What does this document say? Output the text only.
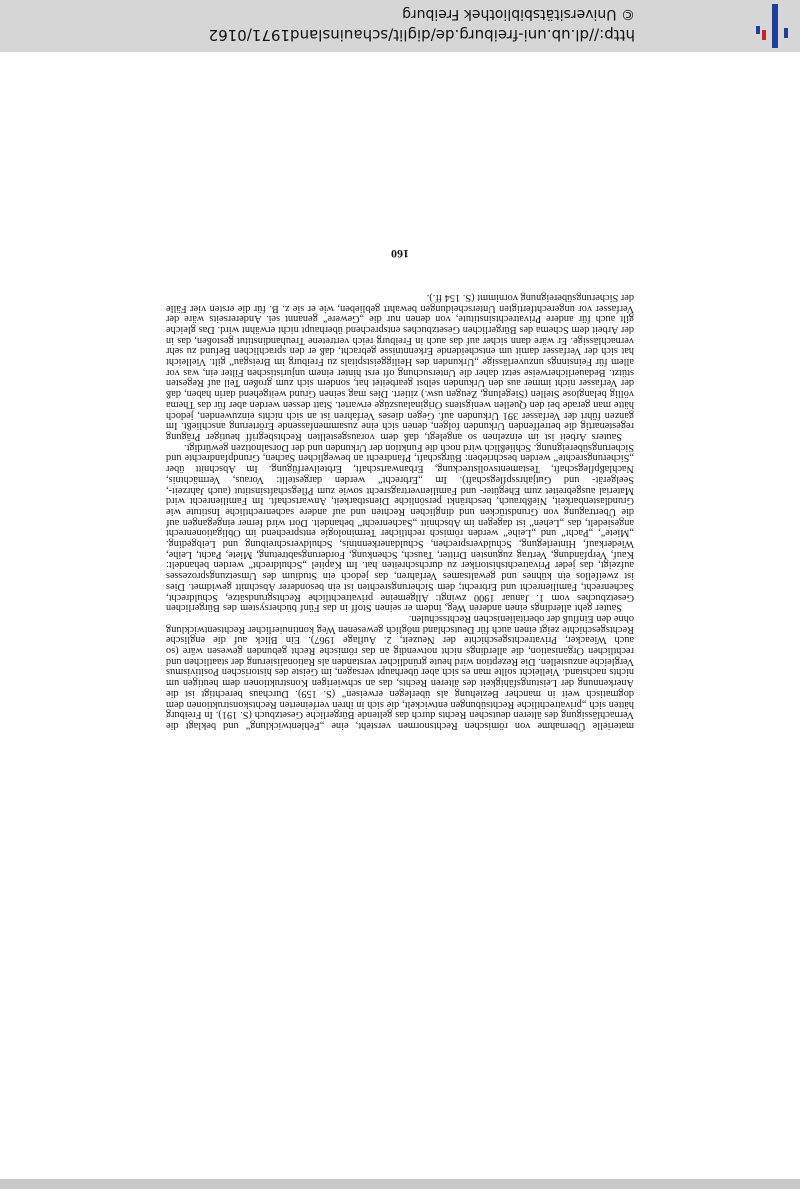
materielle Übernahme von römischen Rechtsnormen versteht, eine „Fehlentwicklung“ und beklagt die Vernachlässigung des älteren deutschen Rechts durch das geltende Bürgerliche Gesetzbuch (S. 191). In Freiburg hätten sich „privatrechtliche Rechtsübungen entwickelt, die sich in ihren verfeinerten Rechtskonstruktionen dem dogmatisch weit in mancher Beziehung als überlegen erweisen“ (S. 159). Durchaus berechtigt ist die Anerkennung der Leistungsfähigkeit des älteren Rechts, das an schwierigen Konstruktionen dem heutigen um nichts nachstand. Vielleicht sollte man es sich aber überhaupt versagen, im Geiste des historischen Positivismus Vergleiche anzustellen. Die Rezeption wird heute gründlicher verstanden als Rationalisierung der staatlichen und rechtlichen Organisation, die allerdings nicht notwendig an das römische Recht gebunden gewesen wäre (so auch Wieacker, Privatrechtsgeschichte der Neuzeit, 2. Auflage 1967). Ein Blick auf die englische Rechtsgeschichte zeigt einen auch für Deutschland möglich gewesenen Weg kontinuierlicher Rechtsentwicklung ohne den Einfluß der oberitalienischen Rechtsschulen.

Sauter geht allerdings einen anderen Weg, indem er seinen Stoff in das Fünf büchersystem des Bürgerlichen Gesetzbuches vom 1. Januar 1900 zwingt: Allgemeine privatrechtliche Rechtsgrundsätze, Schuldrecht, Sachenrecht, Familienrecht und Erbrecht; dem Sicherungsrechten ist ein besonderer Abschnitt gewidmet. Dies ist zweifellos ein kühnes und gewaltsames Verfahren, das jedoch ein Studium des Umsetzungsprozesses aufzeigt, das jeder Privatrechtshistoriker zu durchschreiten hat. Im Kapitel „Schuldrecht“ werden behandelt: Kauf, Verpfändung, Vertrag zugunsten Dritter, Tausch, Schenkung, Forderungsabtretung, Miete, Pacht, Leihe, Wiederkauf, Hinterlegung, Schuldversprechen, Schuldanerkenntnis, Schuldverschreibung und Leibgeding. „Miete“, „Pacht“ und „Leihe“ werden römisch rechtlicher Terminologie entsprechend im Obligationenrecht angesiedelt, das „Lehen“ ist dagegen im Abschnitt „Sachenrecht“ behandelt. Dort wird ferner eingegangen auf die Übertragung von Grundstücken und dinglichen Rechten und auf andere sachenrechtliche Institute wie Grundlastenbarkeit, Nießbrauch, beschränkt persönliche Dienstbarkeit, Anwartschaft. Im Familienrecht wird Material ausgebreitet zum Ehegüter- und Familienvertragsrecht sowie zum Pflegschaftsinstitut (auch Jahrzeit-, Seelgerät- und Gutjahrsspflegschaft). Im „Erbrecht“ werden dargestellt: Voraus, Vermächtnis, Nachlaßpflegschaft, Testamentsvollstreckung, Erbanwartschaft, Erbteilverfügung. Im Abschnitt über „Sicherungsrechte“ werden beschrieben: Bürgschaft, Pfandrecht an beweglichen Sachen, Grundpfandrechte und Sicherungsübereignung. Schließlich wird noch die Funktion der Urkunden und der Dorsalnotizen gewürdigt.

Sauters Arbeit ist im einzelnen so angelegt, daß dem vorausgestellten Rechtsbegriff heutiger Prägung regestenartig die betreffenden Urkunden folgen, denen sich eine zusammenfassende Erörterung anschließt. Im ganzen führt der Verfasser 391 Urkunden auf. Gegen dieses Verfahren ist an sich nichts einzuwenden, jedoch hätte man gerade bei den Quellen wenigstens Originalauszüge erwartet. Statt dessen werden aber für das Thema völlig belanglose Stellen (Siegelung, Zeugen usw.) zitiert. Dies mag seinen Grund weitgehend darin haben, daß der Verfasser nicht immer aus den Urkunden selbst gearbeitet hat, sondern sich zum großen Teil auf Regesten stützt. Bedauerlicherweise setzt daher die Untersuchung oft erst hinter einem unjuristischen Filter ein, was vor allem für Feinsinngs unzuverlässige „Urkunden des Heiliggeistspitals zu Freiburg im Breisgau“ gilt. Vielleicht hat sich der Verfasser damit um entscheidende Erkenntnisse gebracht, daß er den sprachlichen Befund zu sehr vernachlässige. Er wäre dann sicher auf das auch in Freiburg reich vertretene Treuhandinstitut gestoßen, das in der Arbeit dem Schema des Bürgerlichen Gesetzbuches entsprechend überhaupt nicht erwähnt wird. Das gleiche gilt auch für andere Privatrechtsinstitute, von denen nur die „Gewere“ genannt sei. Andererseits wäre der Verfasser vor ungerechtfertigten Unterscheidungen bewahrt geblieben, wie er sie z. B. für die ersten vier Fälle der Sicherungsübereignung vornimmt (S. 154 ff.).

160
http://dl.ub.uni-freiburg.de/diglit/schauinsland1971/0162
© Universitätsbibliothek Freiburg
